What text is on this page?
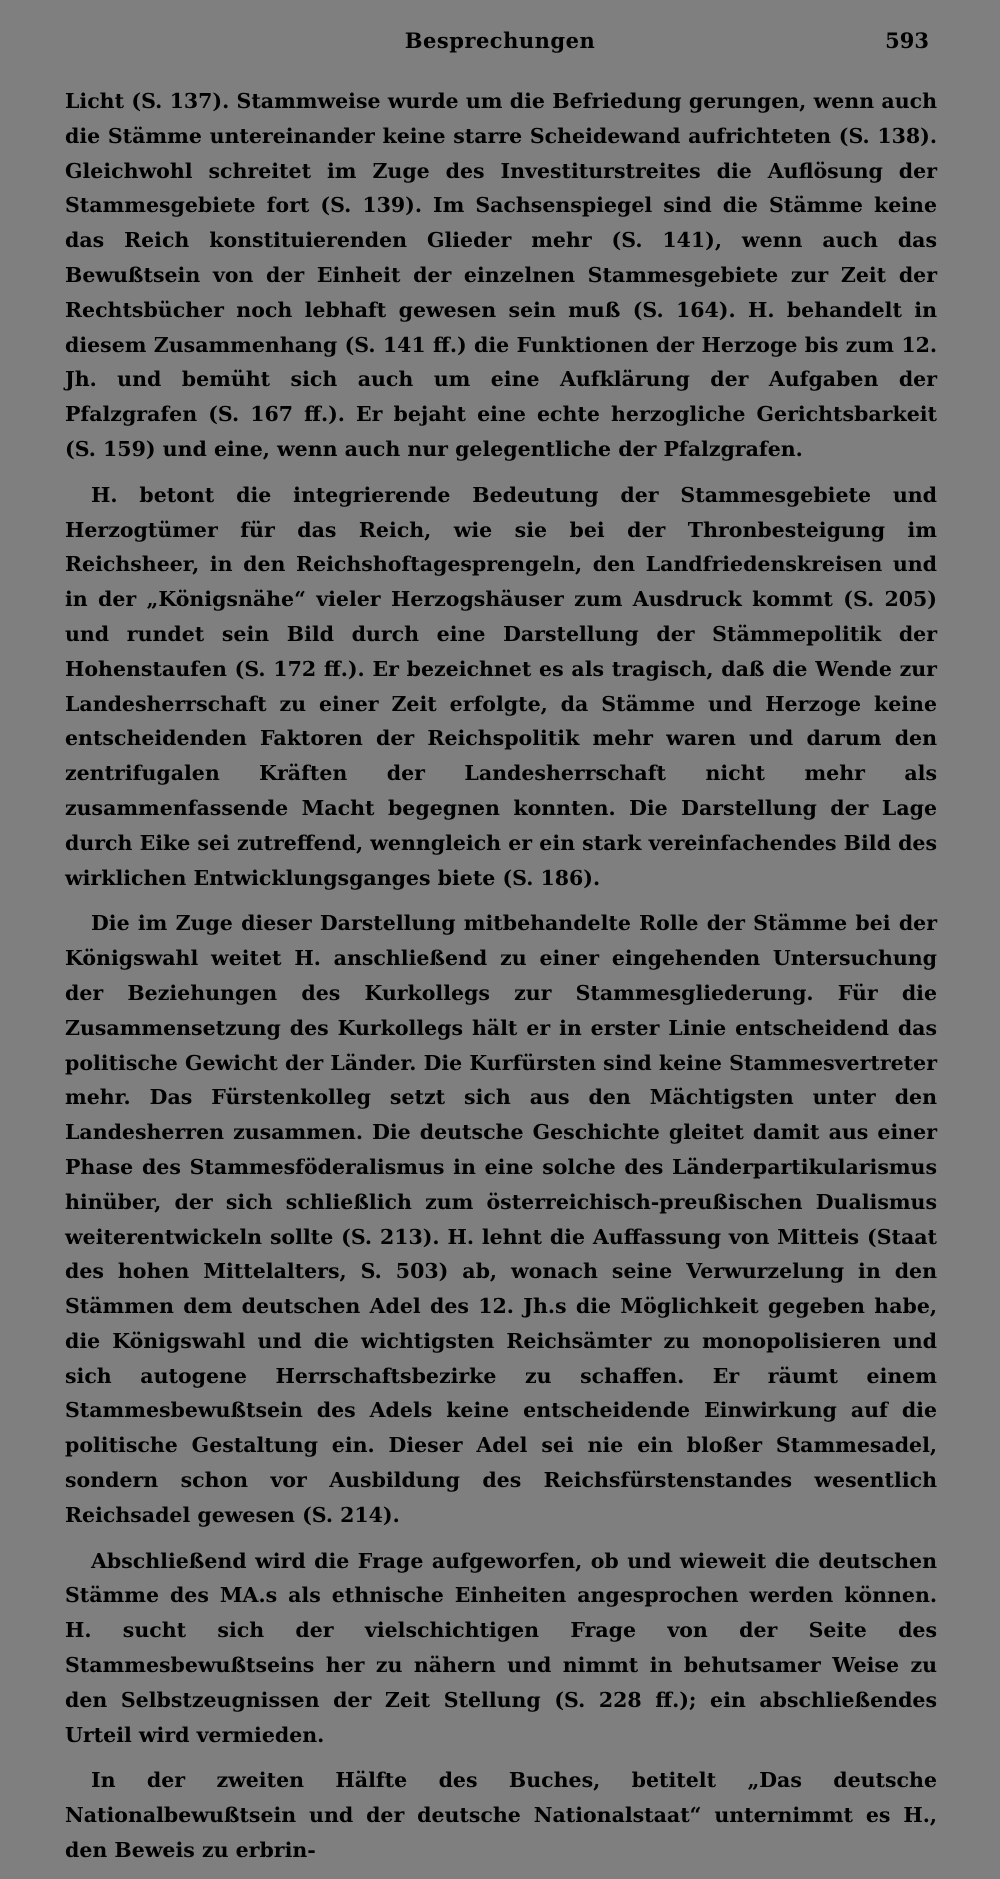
Besprechungen	593

Licht (S. 137). Stammweise wurde um die Befriedung gerungen, wenn auch die Stämme untereinander keine starre Scheidewand aufrichteten (S. 138). Gleichwohl schreitet im Zuge des Investiturstreites die Auflösung der Stammesgebiete fort (S. 139). Im Sachsenspiegel sind die Stämme keine das Reich konstituierenden Glieder mehr (S. 141), wenn auch das Bewußtsein von der Einheit der einzelnen Stammesgebiete zur Zeit der Rechtsbücher noch lebhaft gewesen sein muß (S. 164). H. behandelt in diesem Zusammenhang (S. 141 ff.) die Funktionen der Herzoge bis zum 12. Jh. und bemüht sich auch um eine Aufklärung der Aufgaben der Pfalzgrafen (S. 167 ff.). Er bejaht eine echte herzogliche Gerichtsbarkeit (S. 159) und eine, wenn auch nur gelegentliche der Pfalzgrafen.

H. betont die integrierende Bedeutung der Stammesgebiete und Herzogtümer für das Reich, wie sie bei der Thronbesteigung im Reichsheer, in den Reichshoftagesprengeln, den Landfriedenskreisen und in der „Königsnähe“ vieler Herzogshäuser zum Ausdruck kommt (S. 205) und rundet sein Bild durch eine Darstellung der Stämmepolitik der Hohenstaufen (S. 172 ff.). Er bezeichnet es als tragisch, daß die Wende zur Landesherrschaft zu einer Zeit erfolgte, da Stämme und Herzoge keine entscheidenden Faktoren der Reichspolitik mehr waren und darum den zentrifugalen Kräften der Landesherrschaft nicht mehr als zusammenfassende Macht begegnen konnten. Die Darstellung der Lage durch Eike sei zutreffend, wenngleich er ein stark vereinfachendes Bild des wirklichen Entwicklungsganges biete (S. 186).

Die im Zuge dieser Darstellung mitbehandelte Rolle der Stämme bei der Königswahl weitet H. anschließend zu einer eingehenden Untersuchung der Beziehungen des Kurkollegs zur Stammesgliederung. Für die Zusammensetzung des Kurkollegs hält er in erster Linie entscheidend das politische Gewicht der Länder. Die Kurfürsten sind keine Stammesvertreter mehr. Das Fürstenkolleg setzt sich aus den Mächtigsten unter den Landesherren zusammen. Die deutsche Geschichte gleitet damit aus einer Phase des Stammesföderalismus in eine solche des Länderpartikularismus hinüber, der sich schließlich zum österreichisch-preußischen Dualismus weiterentwickeln sollte (S. 213). H. lehnt die Auffassung von Mitteis (Staat des hohen Mittelalters, S. 503) ab, wonach seine Verwurzelung in den Stämmen dem deutschen Adel des 12. Jh.s die Möglichkeit gegeben habe, die Königswahl und die wichtigsten Reichsämter zu monopolisieren und sich autogene Herrschaftsbezirke zu schaffen. Er räumt einem Stammesbewußtsein des Adels keine entscheidende Einwirkung auf die politische Gestaltung ein. Dieser Adel sei nie ein bloßer Stammesadel, sondern schon vor Ausbildung des Reichsfürstenstandes wesentlich Reichsadel gewesen (S. 214).

Abschließend wird die Frage aufgeworfen, ob und wieweit die deutschen Stämme des MA.s als ethnische Einheiten angesprochen werden können. H. sucht sich der vielschichtigen Frage von der Seite des Stammesbewußtseins her zu nähern und nimmt in behutsamer Weise zu den Selbstzeugnissen der Zeit Stellung (S. 228 ff.); ein abschließendes Urteil wird vermieden.

In der zweiten Hälfte des Buches, betitelt „Das deutsche Nationalbewußtsein und der deutsche Nationalstaat“ unternimmt es H., den Beweis zu erbrin-
